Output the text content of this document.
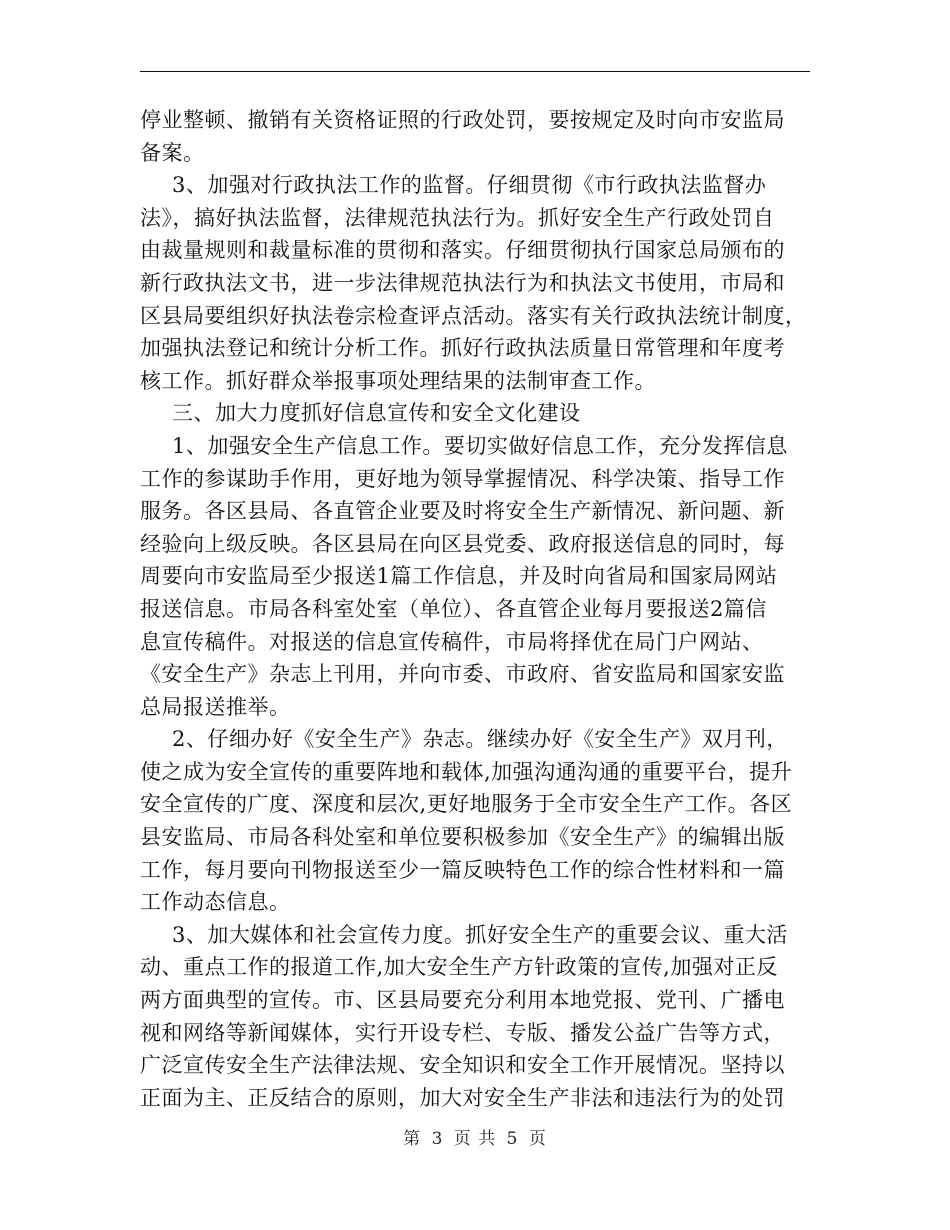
停业整顿、撤销有关资格证照的行政处罚，要按规定及时向市安监局
备案。
3、加强对行政执法工作的监督。仔细贯彻《市行政执法监督办
法》，搞好执法监督，法律规范执法行为。抓好安全生产行政处罚自
由裁量规则和裁量标准的贯彻和落实。仔细贯彻执行国家总局颁布的
新行政执法文书，进一步法律规范执法行为和执法文书使用，市局和
区县局要组织好执法卷宗检查评点活动。落实有关行政执法统计制度，
加强执法登记和统计分析工作。抓好行政执法质量日常管理和年度考
核工作。抓好群众举报事项处理结果的法制审查工作。
三、加大力度抓好信息宣传和安全文化建设
1、加强安全生产信息工作。要切实做好信息工作，充分发挥信息
工作的参谋助手作用，更好地为领导掌握情况、科学决策、指导工作
服务。各区县局、各直管企业要及时将安全生产新情况、新问题、新
经验向上级反映。各区县局在向区县党委、政府报送信息的同时，每
周要向市安监局至少报送1篇工作信息，并及时向省局和国家局网站
报送信息。市局各科室处室（单位）、各直管企业每月要报送2篇信
息宣传稿件。对报送的信息宣传稿件，市局将择优在局门户网站、
《安全生产》杂志上刊用，并向市委、市政府、省安监局和国家安监
总局报送推举。
2、仔细办好《安全生产》杂志。继续办好《安全生产》双月刊，
使之成为安全宣传的重要阵地和载体,加强沟通沟通的重要平台，提升
安全宣传的广度、深度和层次,更好地服务于全市安全生产工作。各区
县安监局、市局各科处室和单位要积极参加《安全生产》的编辑出版
工作，每月要向刊物报送至少一篇反映特色工作的综合性材料和一篇
工作动态信息。
3、加大媒体和社会宣传力度。抓好安全生产的重要会议、重大活
动、重点工作的报道工作,加大安全生产方针政策的宣传,加强对正反
两方面典型的宣传。市、区县局要充分利用本地党报、党刊、广播电
视和网络等新闻媒体，实行开设专栏、专版、播发公益广告等方式，
广泛宣传安全生产法律法规、安全知识和安全工作开展情况。坚持以
正面为主、正反结合的原则，加大对安全生产非法和违法行为的处罚
第 3 页 共 5 页
